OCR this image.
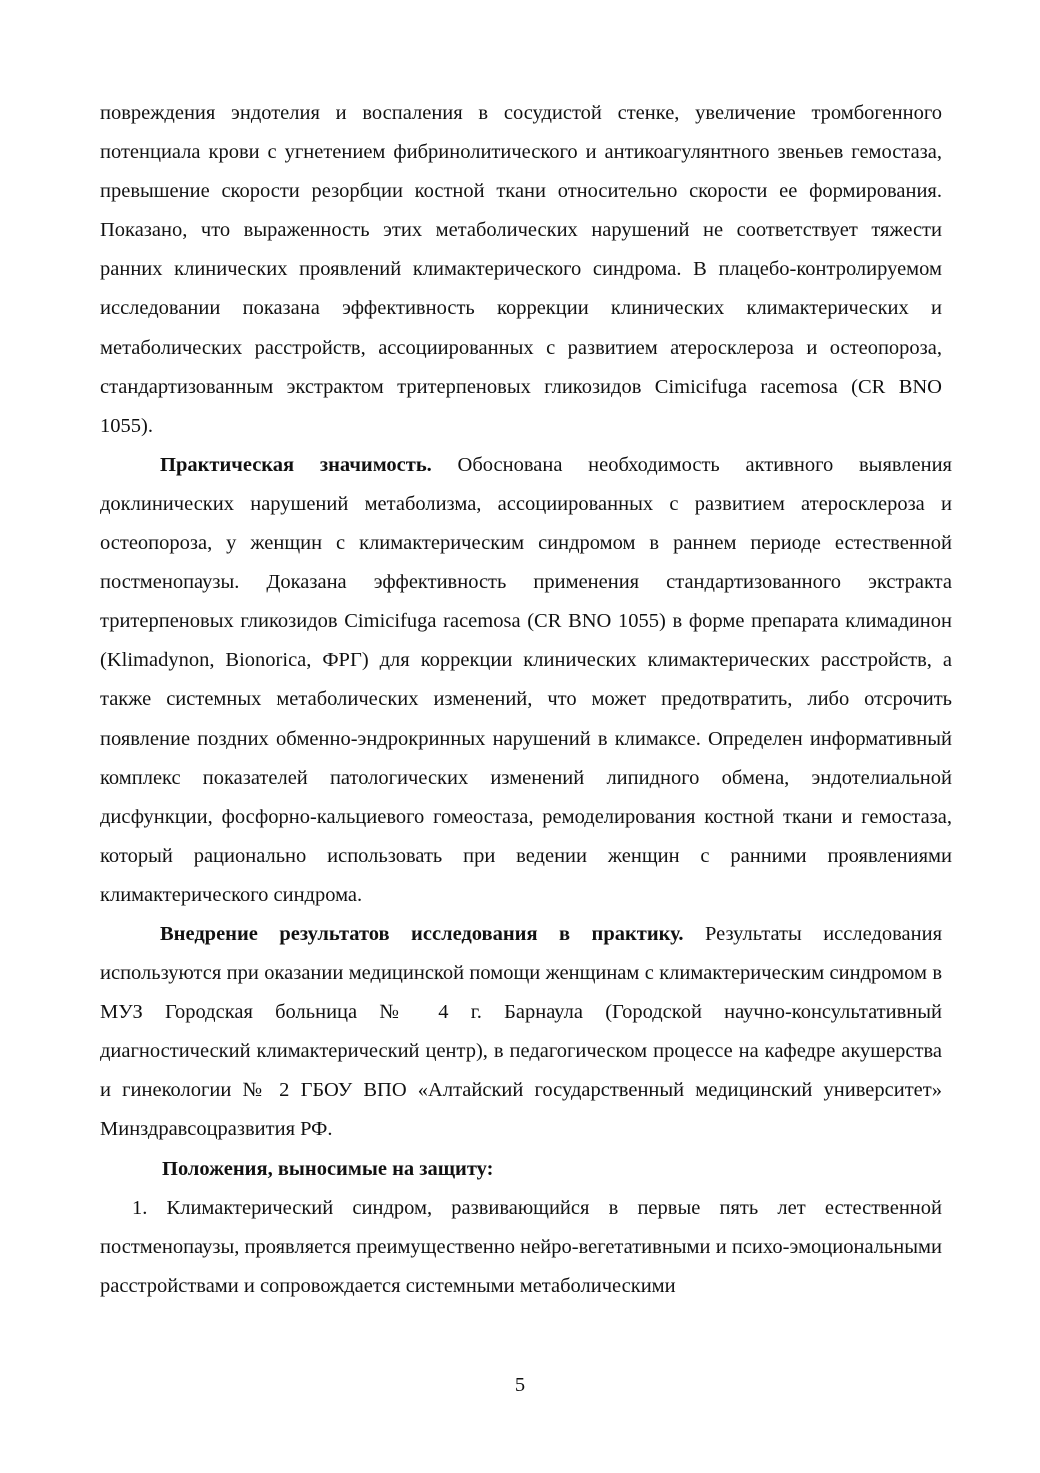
повреждения эндотелия и воспаления в сосудистой стенке, увеличение тромбогенного потенциала крови с угнетением фибринолитического и антикоагулянтного звеньев гемостаза, превышение скорости резорбции костной ткани относительно скорости ее формирования. Показано, что выраженность этих метаболических нарушений не соответствует тяжести ранних клинических проявлений климактерического синдрома. В плацебо-контролируемом исследовании показана эффективность коррекции клинических климактерических и метаболических расстройств, ассоциированных с развитием атеросклероза и остеопороза, стандартизованным экстрактом тритерпеновых гликозидов Cimicifuga racemosa (CR BNO 1055).

Практическая значимость. Обоснована необходимость активного выявления доклинических нарушений метаболизма, ассоциированных с развитием атеросклероза и остеопороза, у женщин с климактерическим синдромом в раннем периоде естественной постменопаузы. Доказана эффективность применения стандартизованного экстракта тритерпеновых гликозидов Cimicifuga racemosa (CR BNO 1055) в форме препарата климадинон (Klimadynon, Bionorica, ФРГ) для коррекции клинических климактерических расстройств, а также системных метаболических изменений, что может предотвратить, либо отсрочить появление поздних обменно-эндрокринных нарушений в климаксе. Определен информативный комплекс показателей патологических изменений липидного обмена, эндотелиальной дисфункции, фосфорно-кальциевого гомеостаза, ремоделирования костной ткани и гемостаза, который рационально использовать при ведении женщин с ранними проявлениями климактерического синдрома.

Внедрение результатов исследования в практику. Результаты исследования используются при оказании медицинской помощи женщинам с климактерическим синдромом в МУЗ Городская больница № 4 г. Барнаула (Городской научно-консультативный диагностический климактерический центр), в педагогическом процессе на кафедре акушерства и гинекологии № 2 ГБОУ ВПО «Алтайский государственный медицинский университет» Минздравсоцразвития РФ.

Положения, выносимые на защиту:

1. Климактерический синдром, развивающийся в первые пять лет естественной постменопаузы, проявляется преимущественно нейро-вегетативными и психо-эмоциональными расстройствами и сопровождается системными метаболическими

5
